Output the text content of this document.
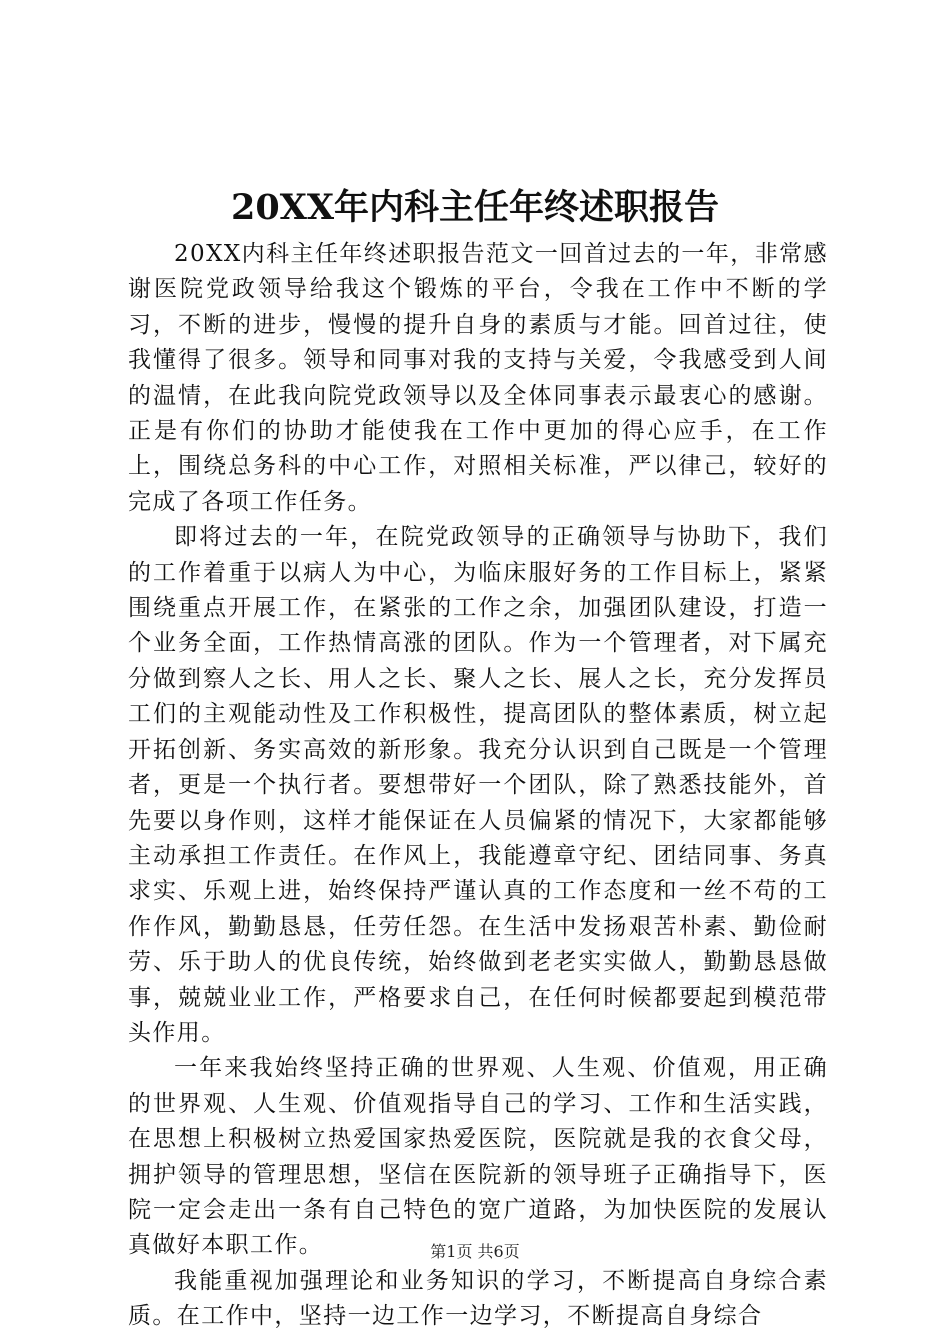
20XX年内科主任年终述职报告

20XX内科主任年终述职报告范文一回首过去的一年，非常感谢医院党政领导给我这个锻炼的平台，令我在工作中不断的学习，不断的进步，慢慢的提升自身的素质与才能。回首过往，使我懂得了很多。领导和同事对我的支持与关爱，令我感受到人间的温情，在此我向院党政领导以及全体同事表示最衷心的感谢。正是有你们的协助才能使我在工作中更加的得心应手，在工作上，围绕总务科的中心工作，对照相关标准，严以律己，较好的完成了各项工作任务。

即将过去的一年，在院党政领导的正确领导与协助下，我们的工作着重于以病人为中心，为临床服好务的工作目标上，紧紧围绕重点开展工作，在紧张的工作之余，加强团队建设，打造一个业务全面，工作热情高涨的团队。作为一个管理者，对下属充分做到察人之长、用人之长、聚人之长、展人之长，充分发挥员工们的主观能动性及工作积极性，提高团队的整体素质，树立起开拓创新、务实高效的新形象。我充分认识到自己既是一个管理者，更是一个执行者。要想带好一个团队，除了熟悉技能外，首先要以身作则，这样才能保证在人员偏紧的情况下，大家都能够主动承担工作责任。在作风上，我能遵章守纪、团结同事、务真求实、乐观上进，始终保持严谨认真的工作态度和一丝不苟的工作作风，勤勤恳恳，任劳任怨。在生活中发扬艰苦朴素、勤俭耐劳、乐于助人的优良传统，始终做到老老实实做人，勤勤恳恳做事，兢兢业业工作，严格要求自己，在任何时候都要起到模范带头作用。

一年来我始终坚持正确的世界观、人生观、价值观，用正确的世界观、人生观、价值观指导自己的学习、工作和生活实践，在思想上积极树立热爱国家热爱医院，医院就是我的衣食父母，拥护领导的管理思想，坚信在医院新的领导班子正确指导下，医院一定会走出一条有自己特色的宽广道路，为加快医院的发展认真做好本职工作。

我能重视加强理论和业务知识的学习，不断提高自身综合素质。在工作中，坚持一边工作一边学习，不断提高自身综合

第1页 共6页
